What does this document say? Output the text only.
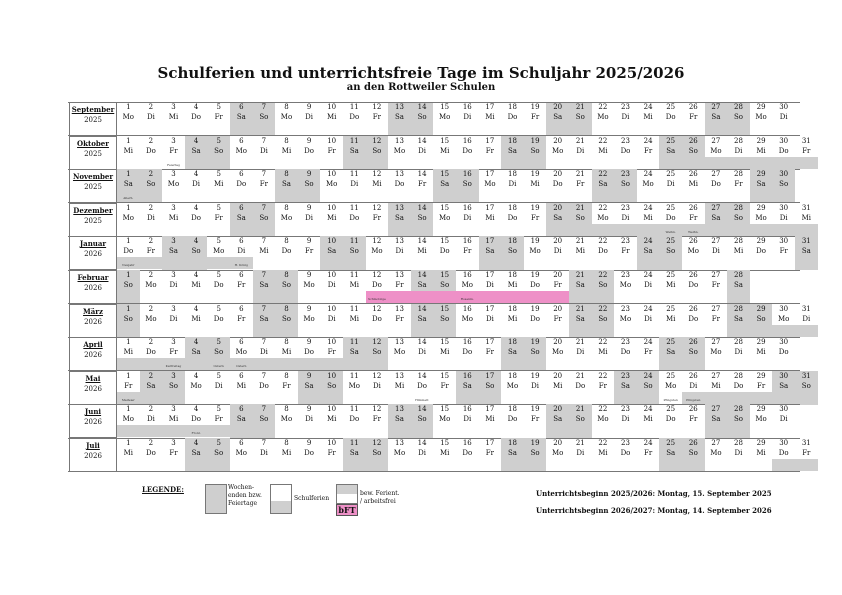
Schulferien und unterrichtsfreie Tage im Schuljahr 2025/2026
an den Rottweiler Schulen
September
2025
1
Mo
2
Di
3
Mi
4
Do
5
Fr
6
Sa
7
So
8
Mo
9
Di
10
Mi
11
Do
12
Fr
13
Sa
14
So
15
Mo
16
Di
17
Mi
18
Do
19
Fr
20
Sa
21
So
22
Mo
23
Di
24
Mi
25
Do
26
Fr
27
Sa
28
So
29
Mo
30
Di
Oktober
2025
1
Mi
2
Do
3
Fr
Feiertag
4
Sa
5
So
6
Mo
7
Di
8
Mi
9
Do
10
Fr
11
Sa
12
So
13
Mo
14
Di
15
Mi
16
Do
17
Fr
18
Sa
19
So
20
Mo
21
Di
22
Mi
23
Do
24
Fr
25
Sa
26
So
27
Mo
28
Di
29
Mi
30
Do
31
Fr
November
2025
1
Sa
Allerh.
2
So
3
Mo
4
Di
5
Mi
6
Do
7
Fr
8
Sa
9
So
10
Mo
11
Di
12
Mi
13
Do
14
Fr
15
Sa
16
So
17
Mo
18
Di
19
Mi
20
Do
21
Fr
22
Sa
23
So
24
Mo
25
Di
26
Mi
27
Do
28
Fr
29
Sa
30
So
Dezember
2025
1
Mo
2
Di
3
Mi
4
Do
5
Fr
6
Sa
7
So
8
Mo
9
Di
10
Mi
11
Do
12
Fr
13
Sa
14
So
15
Mo
16
Di
17
Mi
18
Do
19
Fr
20
Sa
21
So
22
Mo
23
Di
24
Mi
25
Do
Weihn.
26
Fr
Weihn.
27
Sa
28
So
29
Mo
30
Di
31
Mi
Januar
2026
1
Do
Neujahr
2
Fr
3
Sa
4
So
5
Mo
6
Di
H. König
7
Mi
8
Do
9
Fr
10
Sa
11
So
12
Mo
13
Di
14
Mi
15
Do
16
Fr
17
Sa
18
So
19
Mo
20
Di
21
Mi
22
Do
23
Fr
24
Sa
25
So
26
Mo
27
Di
28
Mi
29
Do
30
Fr
31
Sa
Februar
2026
1
So
2
Mo
3
Di
4
Mi
5
Do
6
Fr
7
Sa
8
So
9
Mo
10
Di
11
Mi
12
Do
Schmotzige
13
Fr
14
Sa
15
So
16
Mo
Rosenm.
17
Di
18
Mi
19
Do
20
Fr
21
Sa
22
So
23
Mo
24
Di
25
Mi
26
Do
27
Fr
28
Sa
März
2026
1
So
2
Mo
3
Di
4
Mi
5
Do
6
Fr
7
Sa
8
So
9
Mo
10
Di
11
Mi
12
Do
13
Fr
14
Sa
15
So
16
Mo
17
Di
18
Mi
19
Do
20
Fr
21
Sa
22
So
23
Mo
24
Di
25
Mi
26
Do
27
Fr
28
Sa
29
So
30
Mo
31
Di
April
2026
1
Mi
2
Do
3
Fr
Karfreitag
4
Sa
5
So
Ostern
6
Mo
Ostern
7
Di
8
Mi
9
Do
10
Fr
11
Sa
12
So
13
Mo
14
Di
15
Mi
16
Do
17
Fr
18
Sa
19
So
20
Mo
21
Di
22
Mi
23
Do
24
Fr
25
Sa
26
So
27
Mo
28
Di
29
Mi
30
Do
Mai
2026
1
Fr
Maifeier
2
Sa
3
So
4
Mo
5
Di
6
Mi
7
Do
8
Fr
9
Sa
10
So
11
Mo
12
Di
13
Mi
14
Do
Himmelf.
15
Fr
16
Sa
17
So
18
Mo
19
Di
20
Mi
21
Do
22
Fr
23
Sa
24
So
25
Mo
Pfingsten
26
Di
Pfingsten
27
Mi
28
Do
29
Fr
30
Sa
31
So
Juni
2026
1
Mo
2
Di
3
Mi
4
Do
Fronl.
5
Fr
6
Sa
7
So
8
Mo
9
Di
10
Mi
11
Do
12
Fr
13
Sa
14
So
15
Mo
16
Di
17
Mi
18
Do
19
Fr
20
Sa
21
So
22
Mo
23
Di
24
Mi
25
Do
26
Fr
27
Sa
28
So
29
Mo
30
Di
Juli
2026
1
Mi
2
Do
3
Fr
4
Sa
5
So
6
Mo
7
Di
8
Mi
9
Do
10
Fr
11
Sa
12
So
13
Mo
14
Di
15
Mi
16
Do
17
Fr
18
Sa
19
So
20
Mo
21
Di
22
Mi
23
Do
24
Fr
25
Sa
26
So
27
Mo
28
Di
29
Mi
30
Do
31
Fr
LEGENDE:	Wochen-
enden bzw.
Feiertage
Schulferien
bFT
bew. Ferient.
/ arbeitsfrei
Unterrichtsbeginn 2025/2026: Montag, 15. September 2025
Unterrichtsbeginn 2026/2027: Montag, 14. September 2026
